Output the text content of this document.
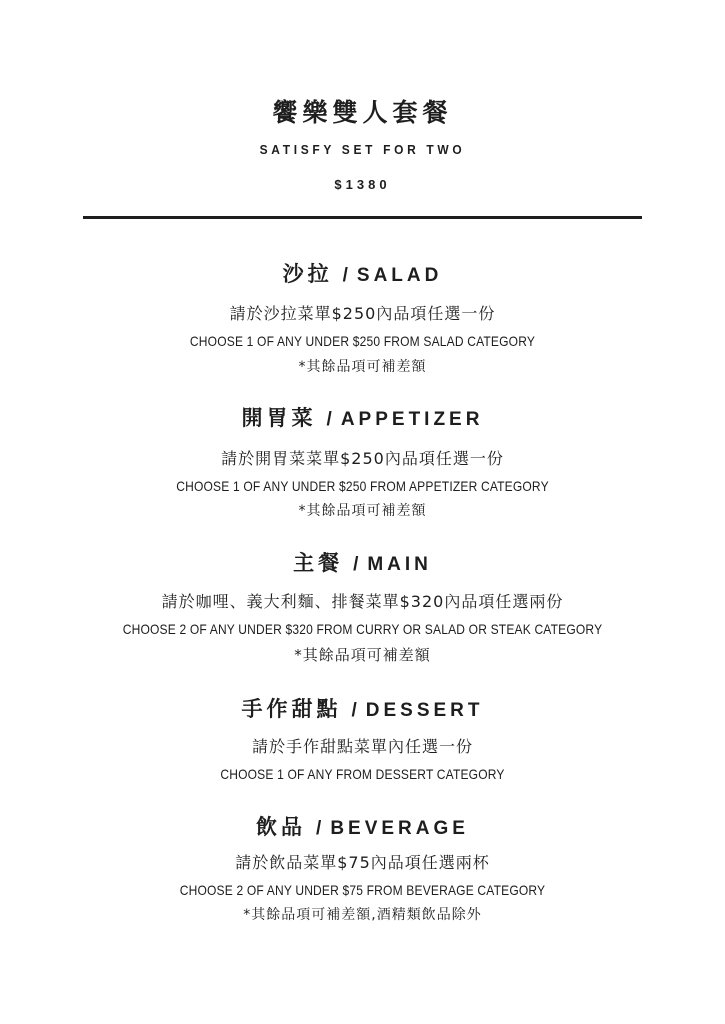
饗樂雙人套餐
SATISFY SET FOR TWO
$1380
沙拉 / SALAD
請於沙拉菜單$250內品項任選一份
CHOOSE 1 OF ANY UNDER $250 FROM SALAD CATEGORY
*其餘品項可補差額
開胃菜 / APPETIZER
請於開胃菜菜單$250內品項任選一份
CHOOSE 1 OF ANY UNDER $250 FROM APPETIZER CATEGORY
*其餘品項可補差額
主餐 / MAIN
請於咖哩、義大利麵、排餐菜單$320內品項任選兩份
CHOOSE 2 OF ANY UNDER $320 FROM CURRY OR SALAD OR STEAK CATEGORY
*其餘品項可補差額
手作甜點 / DESSERT
請於手作甜點菜單內任選一份
CHOOSE 1 OF ANY FROM DESSERT CATEGORY
飲品 / BEVERAGE
請於飲品菜單$75內品項任選兩杯
CHOOSE 2 OF ANY UNDER $75 FROM BEVERAGE CATEGORY
*其餘品項可補差額,酒精類飲品除外
